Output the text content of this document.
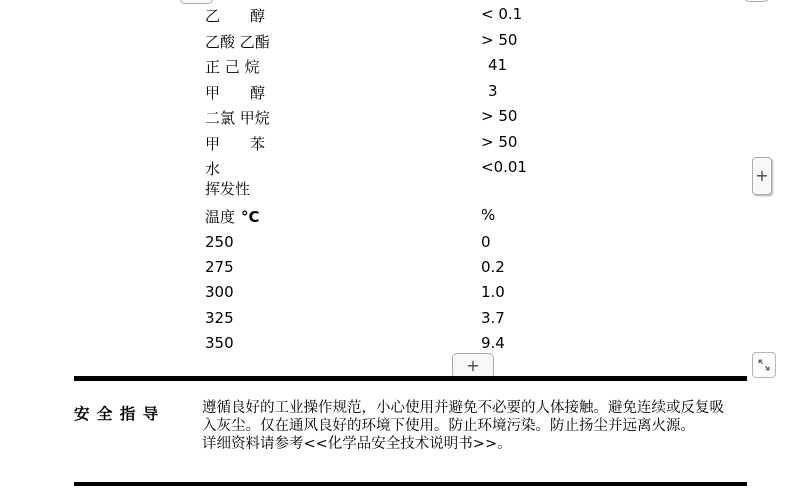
乙　　醇	< 0.1
乙酸 乙酯	> 50
正 己 烷	41
甲　　醇	3
二氯 甲烷	> 50
甲　　苯	> 50
水	<0.01
挥发性
温度 °C	%
250	0
275	0.2
300	1.0
325	3.7
350	9.4
+
+
安 全 指 导	遵循良好的工业操作规范，小心使用并避免不必要的人体接触。避免连续或反复吸
入灰尘。仅在通风良好的环境下使用。防止环境污染。防止扬尘并远离火源。
详细资料请参考<<化学品安全技术说明书>>。
